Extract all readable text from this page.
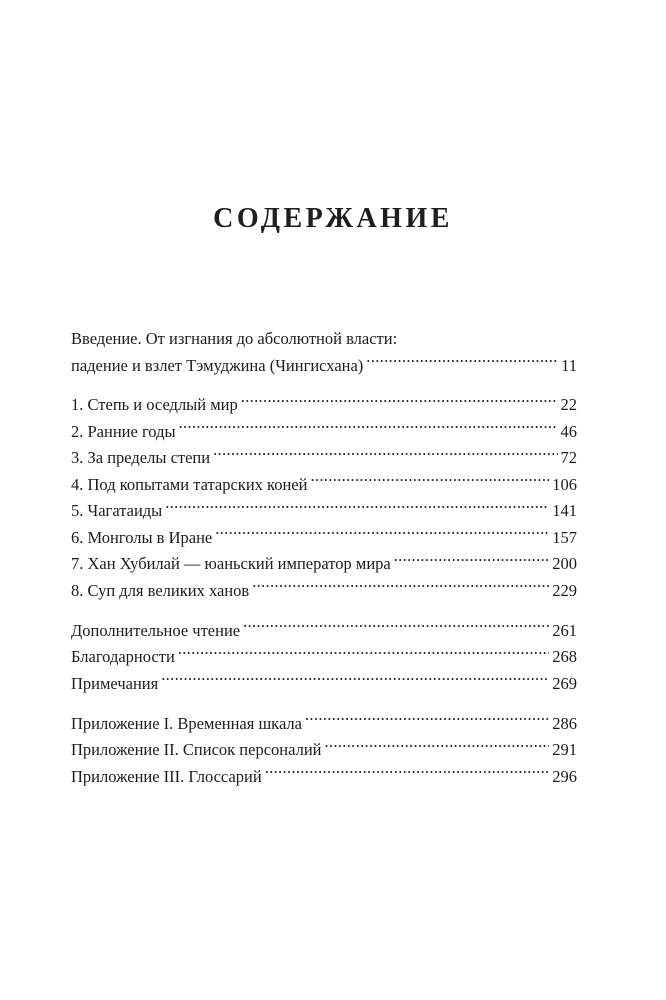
СОДЕРЖАНИЕ
Введение. От изгнания до абсолютной власти:
падение и взлет Тэмуджина (Чингисхана) . . .	11
1. Степь и оседлый мир . . .	22
2. Ранние годы . . .	46
3. За пределы степи . . .	72
4. Под копытами татарских коней . . .	106
5. Чагатаиды . . .	141
6. Монголы в Иране . . .	157
7. Хан Хубилай — юаньский император мира . . .	200
8. Суп для великих ханов . . .	229
Дополнительное чтение . . .	261
Благодарности . . .	268
Примечания . . .	269
Приложение I. Временная шкала . . .	286
Приложение II. Список персоналий . . .	291
Приложение III. Глоссарий . . .	296
